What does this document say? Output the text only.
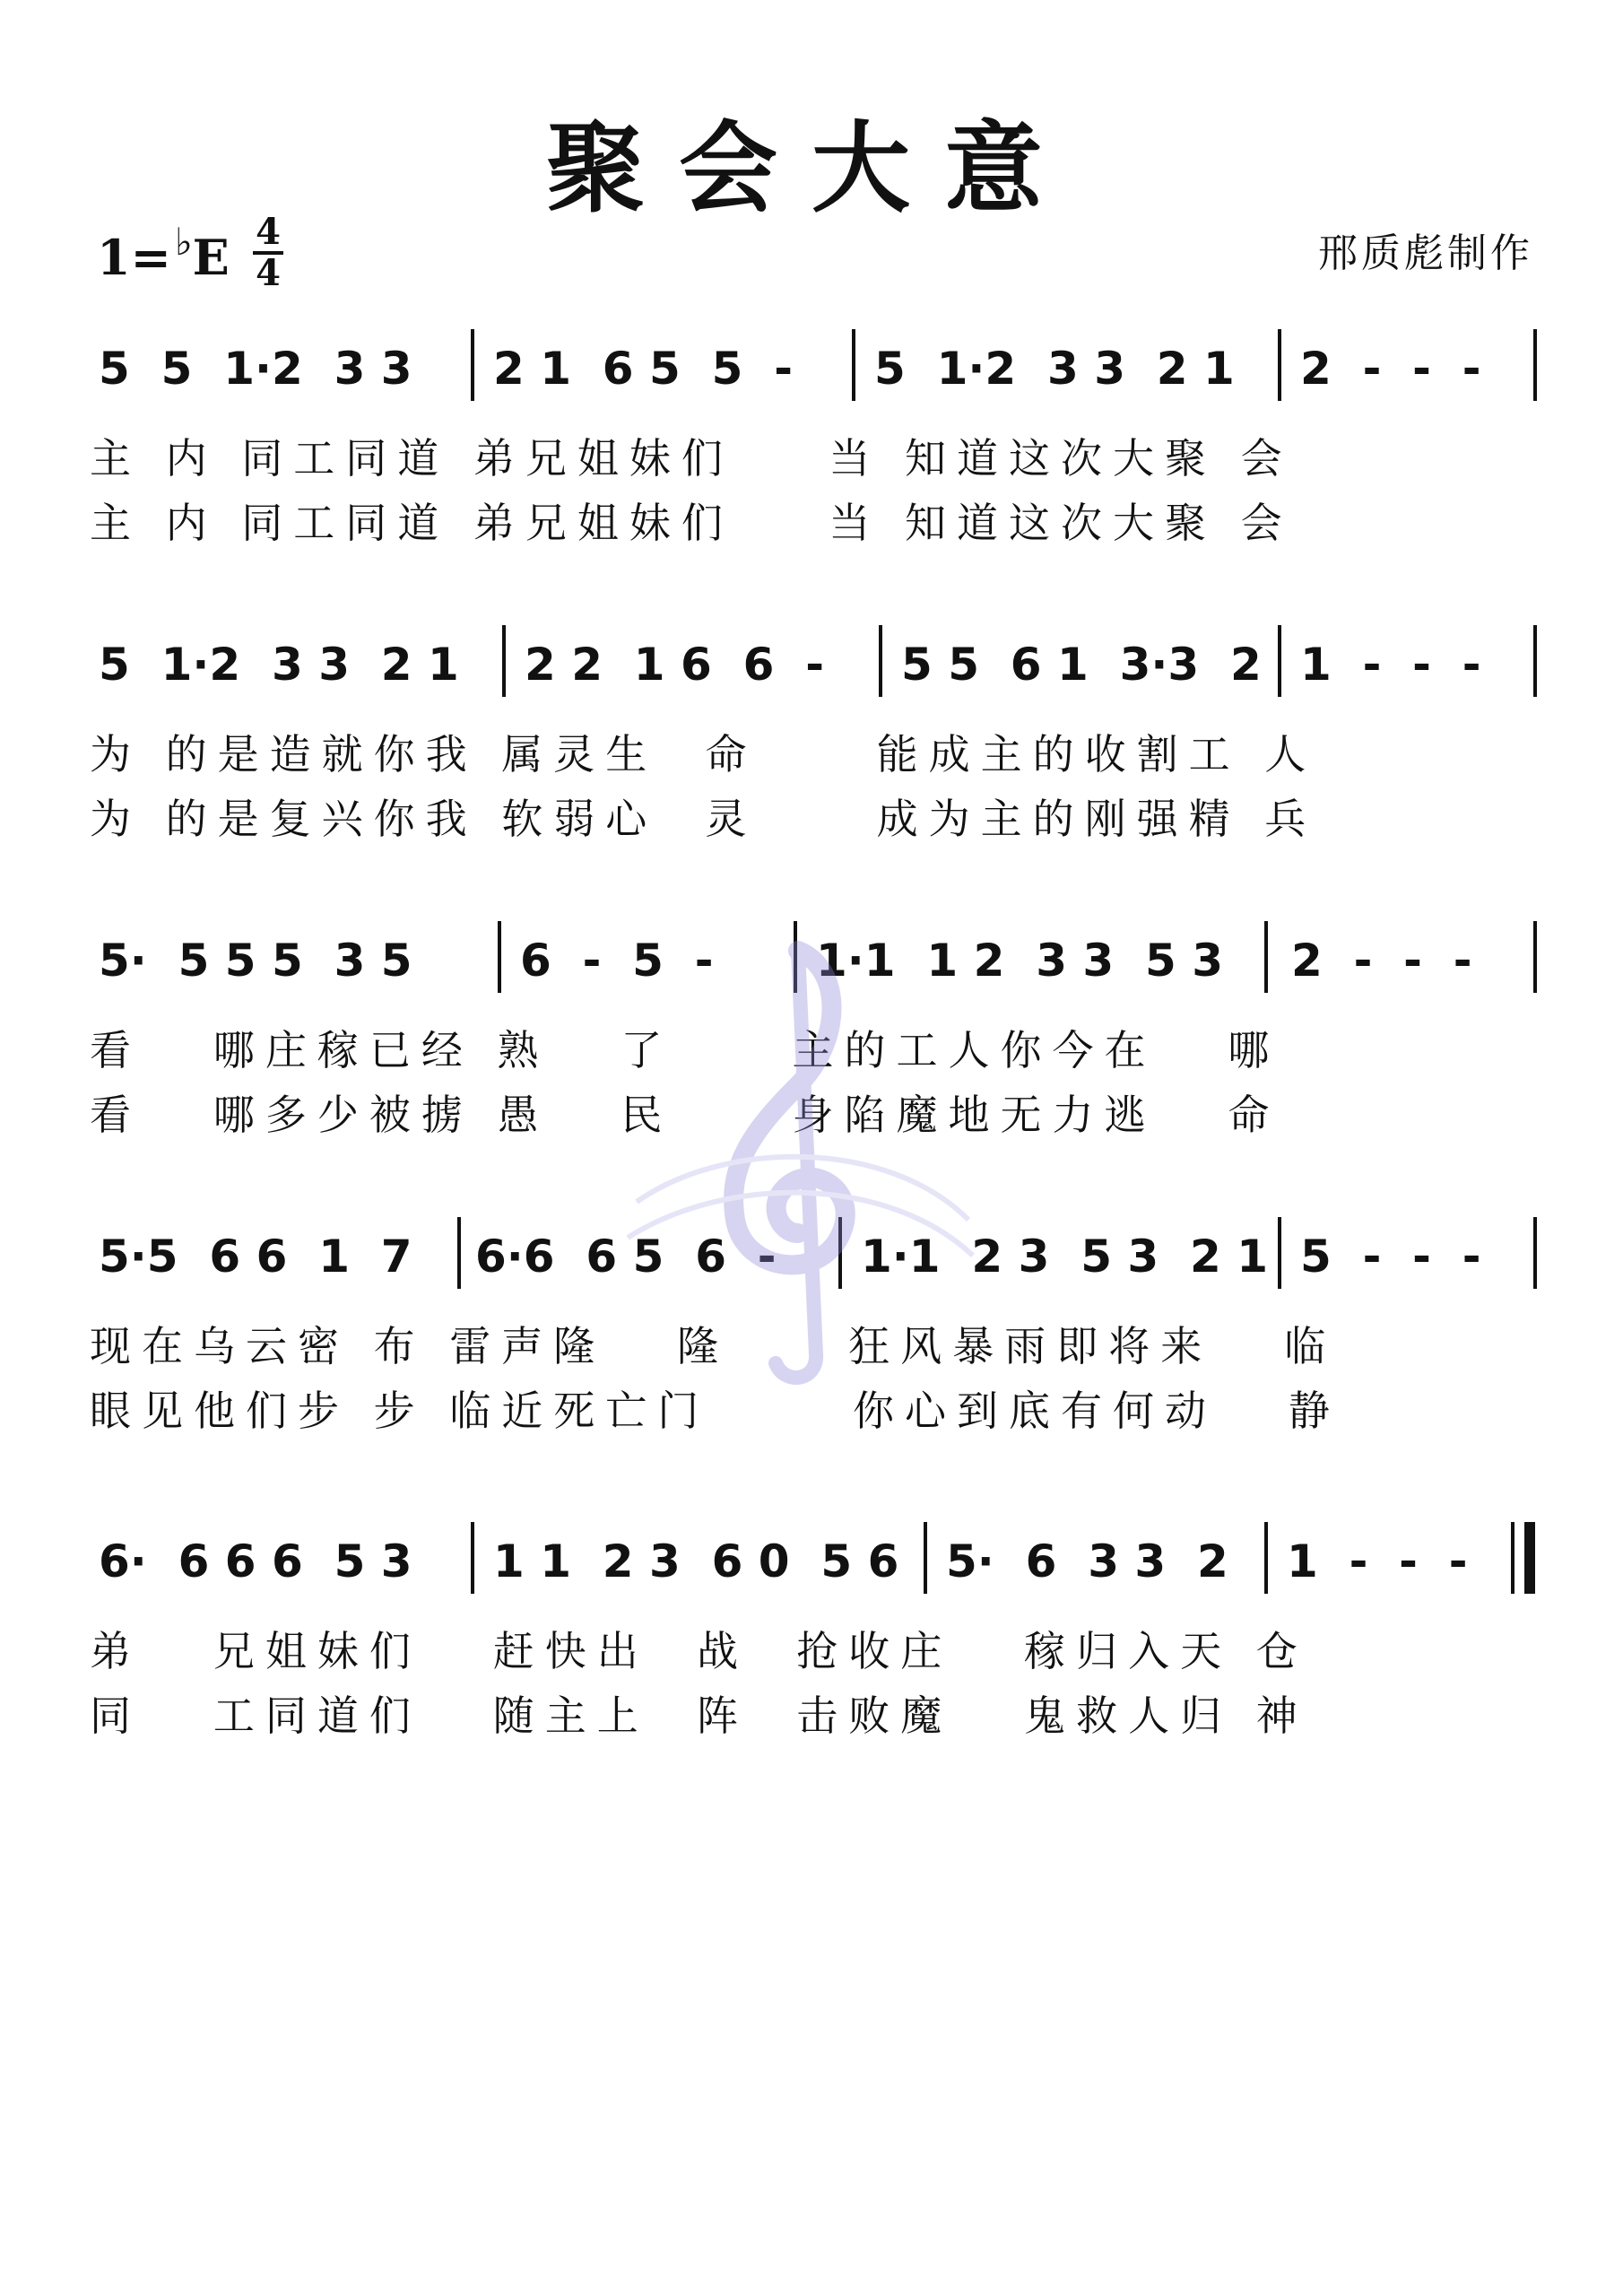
聚会大意
1=♭E 4
4	邢质彪制作
5  5  1·2  3 3 2 1  6 5  5  - 5  1·2  3 3  2 1 2  -  -  -
主 内 同工同道 弟兄姐妹们    当 知道这次大聚 会
主 内 同工同道 弟兄姐妹们    当 知道这次大聚 会
5  1·2  3 3  2 1 2 2  1 6  6  - 5 5  6 1  3·3  2 1  -  -  -
为 的是造就你我 属灵生  命     能成主的收割工 人
为 的是复兴你我 软弱心  灵     成为主的刚强精 兵
5·  5 5 5  3 5 6  -  5  - 1·1  1 2  3 3  5 3 2  -  -  -
看   哪庄稼已经 熟   了     主的工人你今在   哪
看   哪多少被掳 愚   民     身陷魔地无力逃   命
5·5  6 6  1  7 6·6  6 5  6  - 1·1  2 3  5 3  2 1 5  -  -  -
现在乌云密 布 雷声隆   隆     狂风暴雨即将来   临
眼见他们步 步 临近死亡门      你心到底有何动   静
6·  6 6 6  5 3 1 1  2 3  6 0  5 6 5·  6  3 3  2 1  -  -  -
弟   兄姐妹们   赶快出  战  抢收庄   稼归入天 仓
同   工同道们   随主上  阵  击败魔   鬼救人归 神
